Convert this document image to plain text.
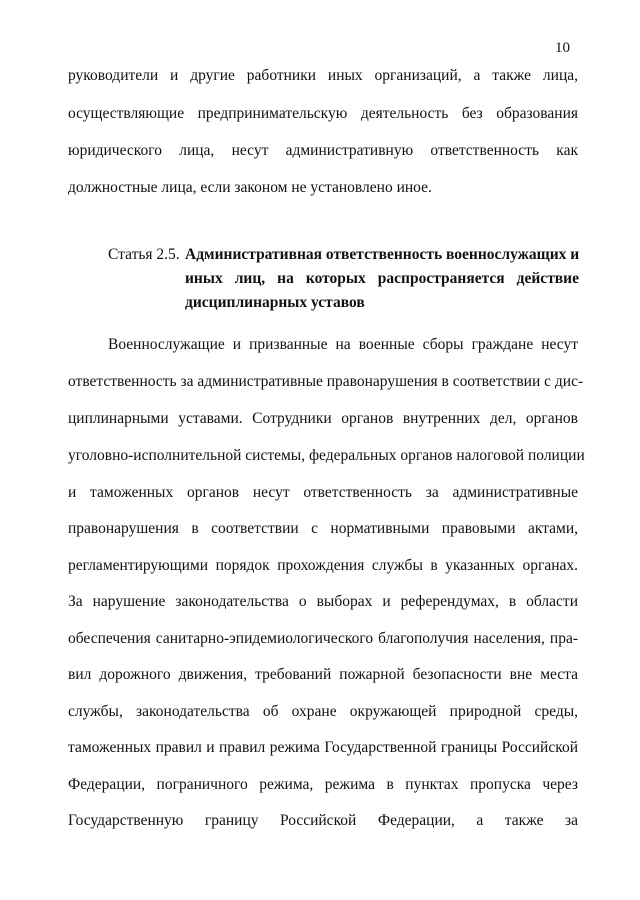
10
руководители и другие работники иных организаций, а также лица,
осуществляющие предпринимательскую деятельность без образования
юридического лица, несут административную ответственность как
должностные лица, если законом не установлено иное.
Статья 2.5. Административная ответственность военнослужащих и
иных лиц, на которых распространяется действие
дисциплинарных уставов
Военнослужащие и призванные на военные сборы граждане несут
ответственность за административные правонарушения в соответствии с дис-
циплинарными уставами. Сотрудники органов внутренних дел, органов
уголовно-исполнительной системы, федеральных органов налоговой полиции
и таможенных органов несут ответственность за административные
правонарушения в соответствии с нормативными правовыми актами,
регламентирующими порядок прохождения службы в указанных органах.
За нарушение законодательства о выборах и референдумах, в области
обеспечения санитарно-эпидемиологического благополучия населения, пра-
вил дорожного движения, требований пожарной безопасности вне места
службы, законодательства об охране окружающей природной среды,
таможенных правил и правил режима Государственной границы Российской
Федерации, пограничного режима, режима в пунктах пропуска через
Государственную границу Российской Федерации, а также за
